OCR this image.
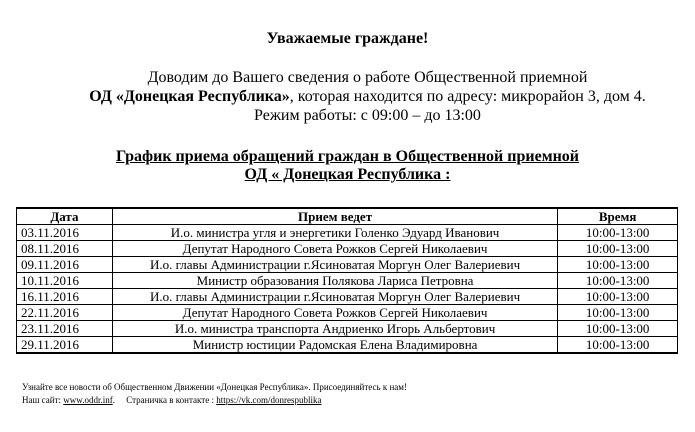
Уважаемые граждане!
Доводим до Вашего сведения о работе Общественной приемной
ОД «Донецкая Республика», которая находится по адресу: микрорайон 3, дом 4.
Режим работы: с 09:00 – до 13:00
График приема обращений граждан в Общественной приемной
ОД « Донецкая Республика :
Дата	Прием ведет	Время
03.11.2016	И.о. министра угля и энергетики Голенко Эдуард Иванович	10:00-13:00
08.11.2016	Депутат Народного Совета Рожков Сергей Николаевич	10:00-13:00
09.11.2016	И.о. главы Администрации г.Ясиноватая Моргун Олег Валериевич	10:00-13:00
10.11.2016	Министр образования Полякова Лариса Петровна	10:00-13:00
16.11.2016	И.о. главы Администрации г.Ясиноватая Моргун Олег Валериевич	10:00-13:00
22.11.2016	Депутат Народного Совета Рожков Сергей Николаевич	10:00-13:00
23.11.2016	И.о. министра транспорта Андриенко Игорь Альбертович	10:00-13:00
29.11.2016	Министр юстиции Радомская Елена Владимировна	10:00-13:00
Узнайте все новости об Общественном Движении «Донецкая Республика». Присоединяйтесь к нам!
Наш сайт: www.oddr.inf.     Страничка в контакте : https://vk.com/donrespublika
